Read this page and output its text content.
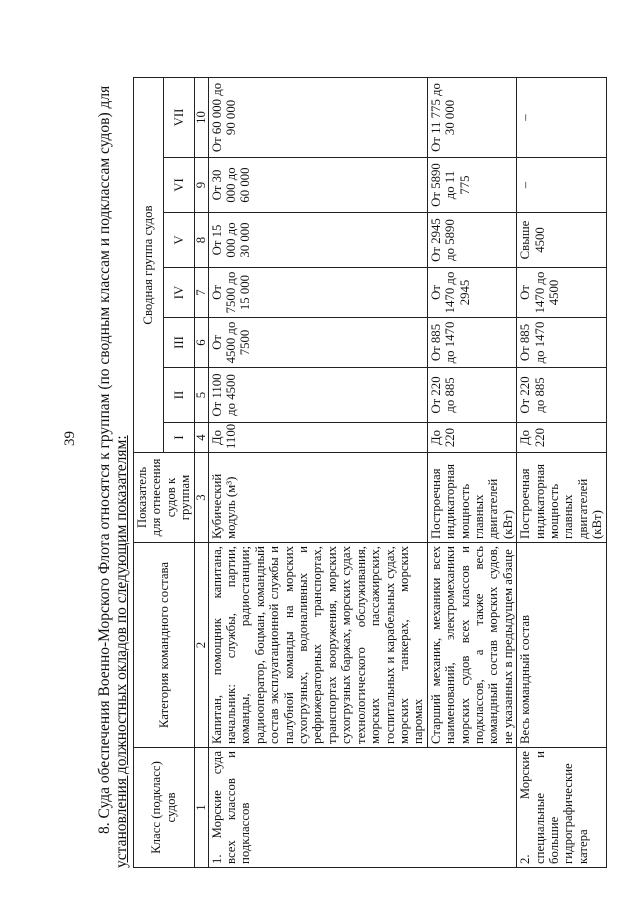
39 8. Суда обеспечения Военно-Морского Флота относятся к группам (по сводным классам и подклассам судов) для установления должностных окладов по следующим показателям: Класс (подкласс) судов	Категория командного состава	Показатель для отнесения судов к группам	Сводная группа судов						
			I	II	III	IV	V	VI	VII
1	2	3	4	5	6	7	8	9	10
1. Морские суда всех классов и подклассов	Капитан, помощник капитана, начальник: службы, партии, команды, радиостанции; радиооператор, боцман, командный состав эксплуатационной службы и палубной команды на морских сухогрузных, водоналивных и рефрижераторных транспортах, транспортах вооружения, морских сухогрузных баржах, морских судах технологического обслуживания, морских пассажирских, госпитальных и карабельных судах, морских танкерах, морских паромах	Кубический модуль (м³)	До 1100	От 1100 до 4500	От 4500 до 7500	От 7500 до 15 000	От 15 000 до 30 000	От 30 000 до 60 000	От 60 000 до 90 000
	Старший механик, механики всех наименований, электромеханики морских судов всех классов и подклассов, а также весь командный состав морских судов, не указанных в предыдущем абзаце	Построечная индикаторная мощность главных двигателей (кВт)	До 220	От 220 до 885	От 885 до 1470	От 1470 до 2945	От 2945 до 5890	От 5890 до 11 775	От 11 775 до 30 000
2. Морские специальные и большие гидрографические катера	Весь командный состав	Построечная индикаторная мощность главных двигателей (кВт)	До 220	От 220 до 885	От 885 до 1470	От 1470 до 4500	Свыше 4500	–	–
